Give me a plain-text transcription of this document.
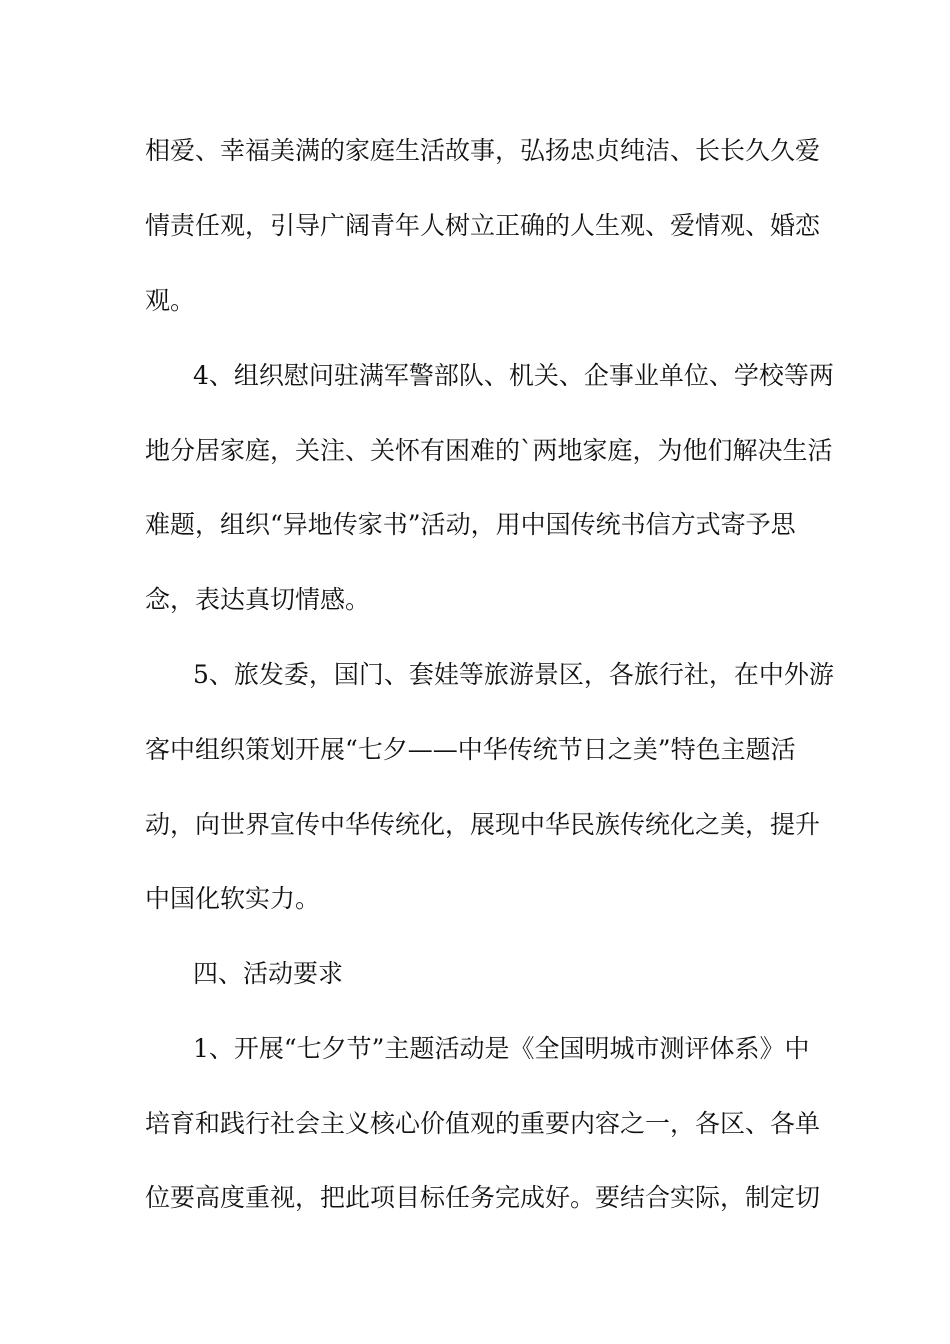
相爱、幸福美满的家庭生活故事，弘扬忠贞纯洁、长长久久爱
情责任观，引导广阔青年人树立正确的人生观、爱情观、婚恋
观。
4、组织慰问驻满军警部队、机关、企事业单位、学校等两
地分居家庭，关注、关怀有困难的`两地家庭，为他们解决生活
难题，组织“异地传家书”活动，用中国传统书信方式寄予思
念，表达真切情感。
5、旅发委，国门、套娃等旅游景区，各旅行社，在中外游
客中组织策划开展“七夕——中华传统节日之美”特色主题活
动，向世界宣传中华传统化，展现中华民族传统化之美，提升
中国化软实力。
四、活动要求
1、开展“七夕节”主题活动是《全国明城市测评体系》中
培育和践行社会主义核心价值观的重要内容之一，各区、各单
位要高度重视，把此项目标任务完成好。要结合实际，制定切
